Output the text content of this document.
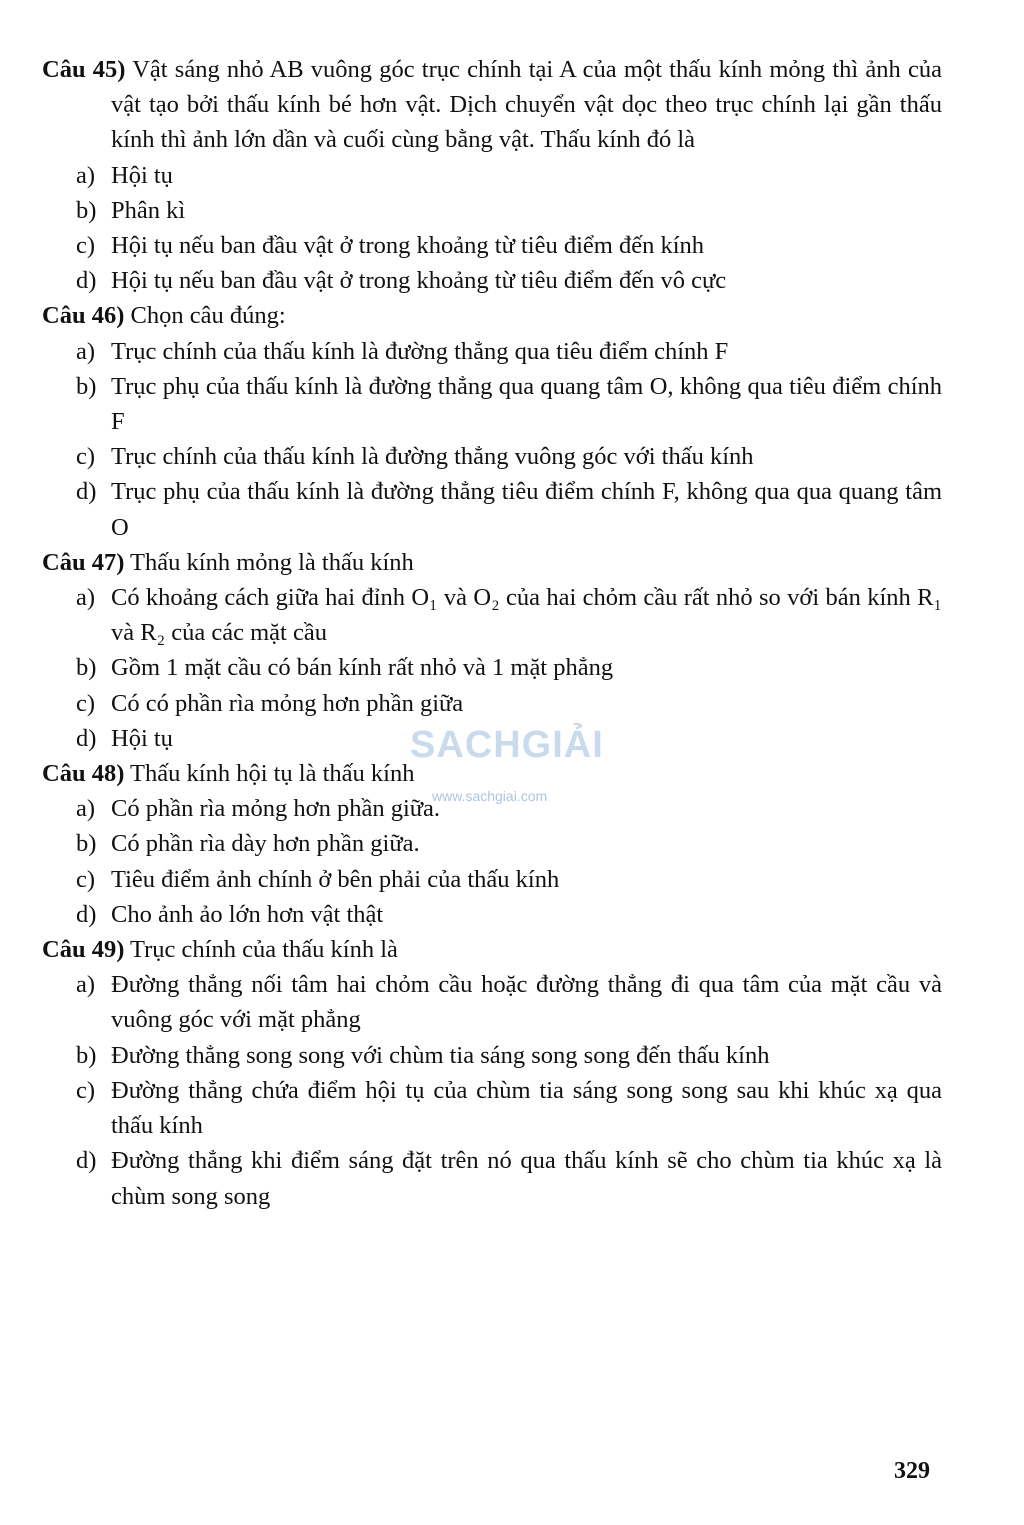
Câu 45) Vật sáng nhỏ AB vuông góc trục chính tại A của một thấu kính mỏng thì ảnh của vật tạo bởi thấu kính bé hơn vật. Dịch chuyển vật dọc theo trục chính lại gần thấu kính thì ảnh lớn dần và cuối cùng bằng vật. Thấu kính đó là
a) Hội tụ
b) Phân kì
c) Hội tụ nếu ban đầu vật ở trong khoảng từ tiêu điểm đến kính
d) Hội tụ nếu ban đầu vật ở trong khoảng từ tiêu điểm đến vô cực
Câu 46) Chọn câu đúng:
a) Trục chính của thấu kính là đường thẳng qua tiêu điểm chính F
b) Trục phụ của thấu kính là đường thẳng qua quang tâm O, không qua tiêu điểm chính F
c) Trục chính của thấu kính là đường thẳng vuông góc với thấu kính
d) Trục phụ của thấu kính là đường thẳng tiêu điểm chính F, không qua qua quang tâm O
Câu 47) Thấu kính mỏng là thấu kính
a) Có khoảng cách giữa hai đỉnh O₁ và O₂ của hai chỏm cầu rất nhỏ so với bán kính R₁ và R₂ của các mặt cầu
b) Gồm 1 mặt cầu có bán kính rất nhỏ và 1 mặt phẳng
c) Có có phần rìa mỏng hơn phần giữa
d) Hội tụ
Câu 48) Thấu kính hội tụ là thấu kính
a) Có phần rìa mỏng hơn phần giữa.
b) Có phần rìa dày hơn phần giữa.
c) Tiêu điểm ảnh chính ở bên phải của thấu kính
d) Cho ảnh ảo lớn hơn vật thật
Câu 49) Trục chính của thấu kính là
a) Đường thẳng nối tâm hai chỏm cầu hoặc đường thẳng đi qua tâm của mặt cầu và vuông góc với mặt phẳng
b) Đường thẳng song song với chùm tia sáng song song đến thấu kính
c) Đường thẳng chứa điểm hội tụ của chùm tia sáng song song sau khi khúc xạ qua thấu kính
d) Đường thẳng khi điểm sáng đặt trên nó qua thấu kính sẽ cho chùm tia khúc xạ là chùm song song
SACHGIẢI
www.sachgiai.com
329
